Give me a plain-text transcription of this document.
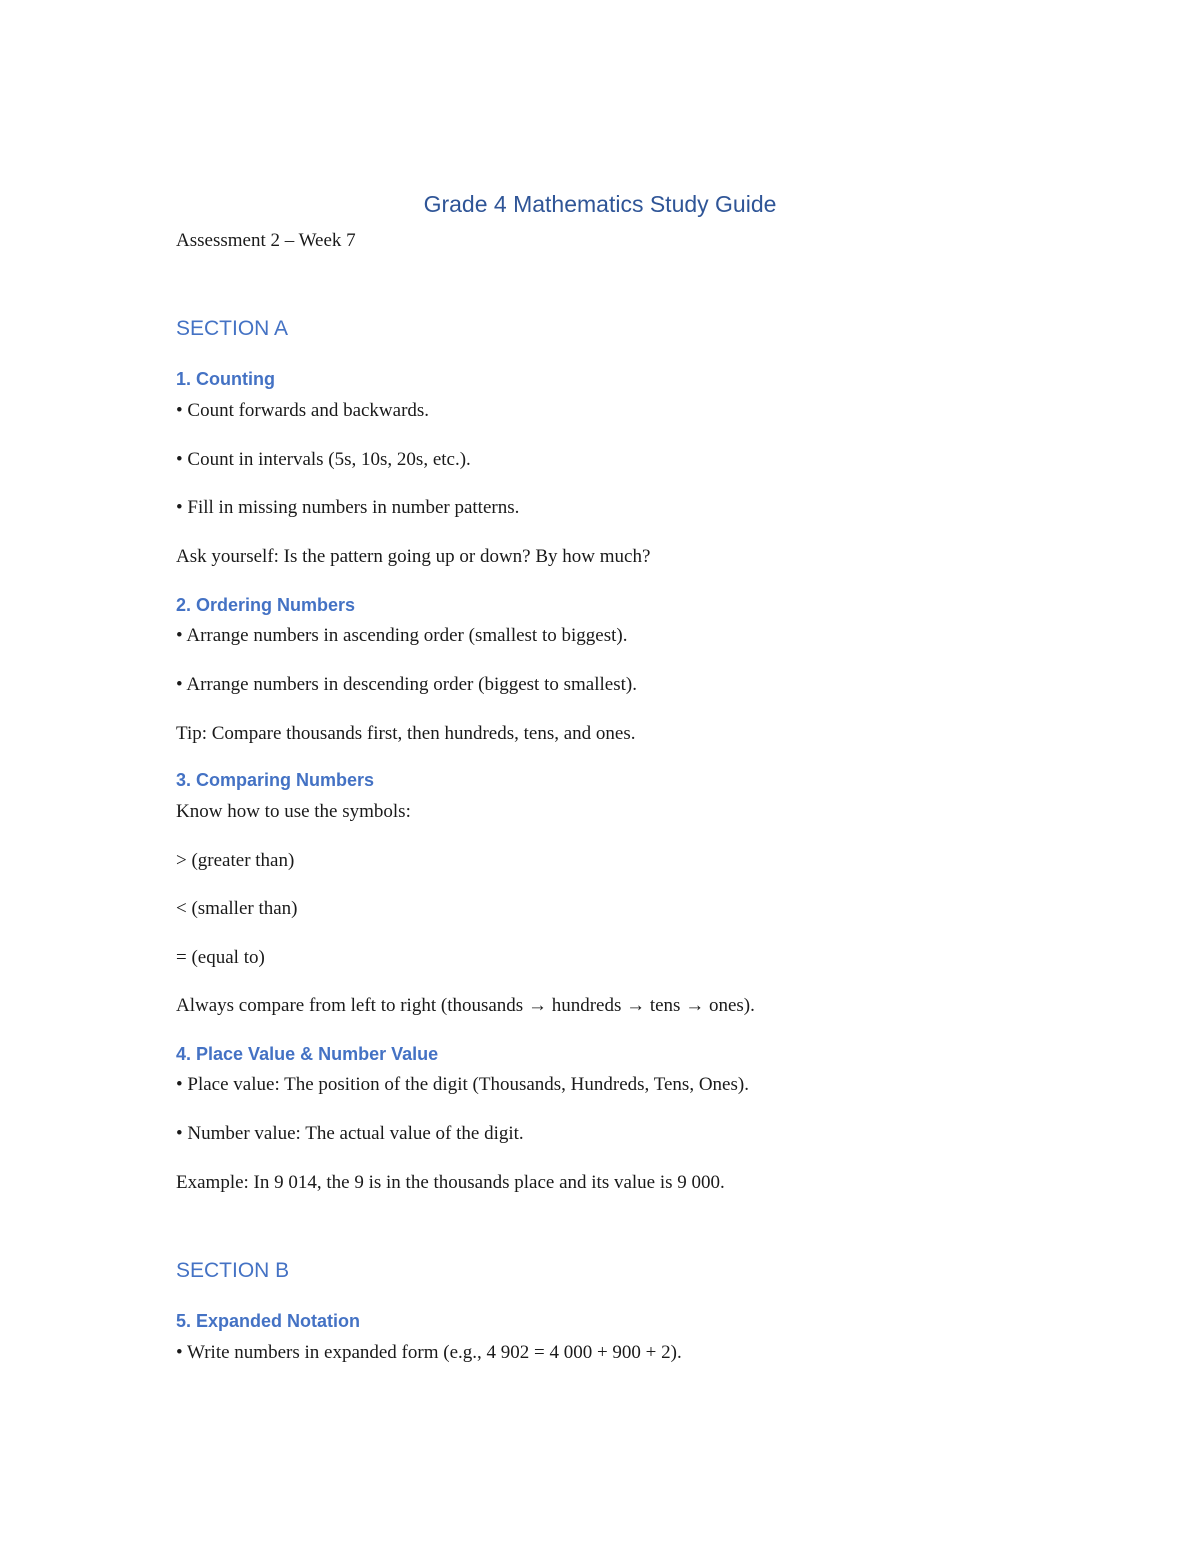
Grade 4 Mathematics Study Guide
Assessment 2 – Week 7
SECTION A
1. Counting
• Count forwards and backwards.
• Count in intervals (5s, 10s, 20s, etc.).
• Fill in missing numbers in number patterns.
Ask yourself: Is the pattern going up or down? By how much?
2. Ordering Numbers
• Arrange numbers in ascending order (smallest to biggest).
• Arrange numbers in descending order (biggest to smallest).
Tip: Compare thousands first, then hundreds, tens, and ones.
3. Comparing Numbers
Know how to use the symbols:
> (greater than)
< (smaller than)
= (equal to)
Always compare from left to right (thousands → hundreds → tens → ones).
4. Place Value & Number Value
• Place value: The position of the digit (Thousands, Hundreds, Tens, Ones).
• Number value: The actual value of the digit.
Example: In 9 014, the 9 is in the thousands place and its value is 9 000.
SECTION B
5. Expanded Notation
• Write numbers in expanded form (e.g., 4 902 = 4 000 + 900 + 2).
